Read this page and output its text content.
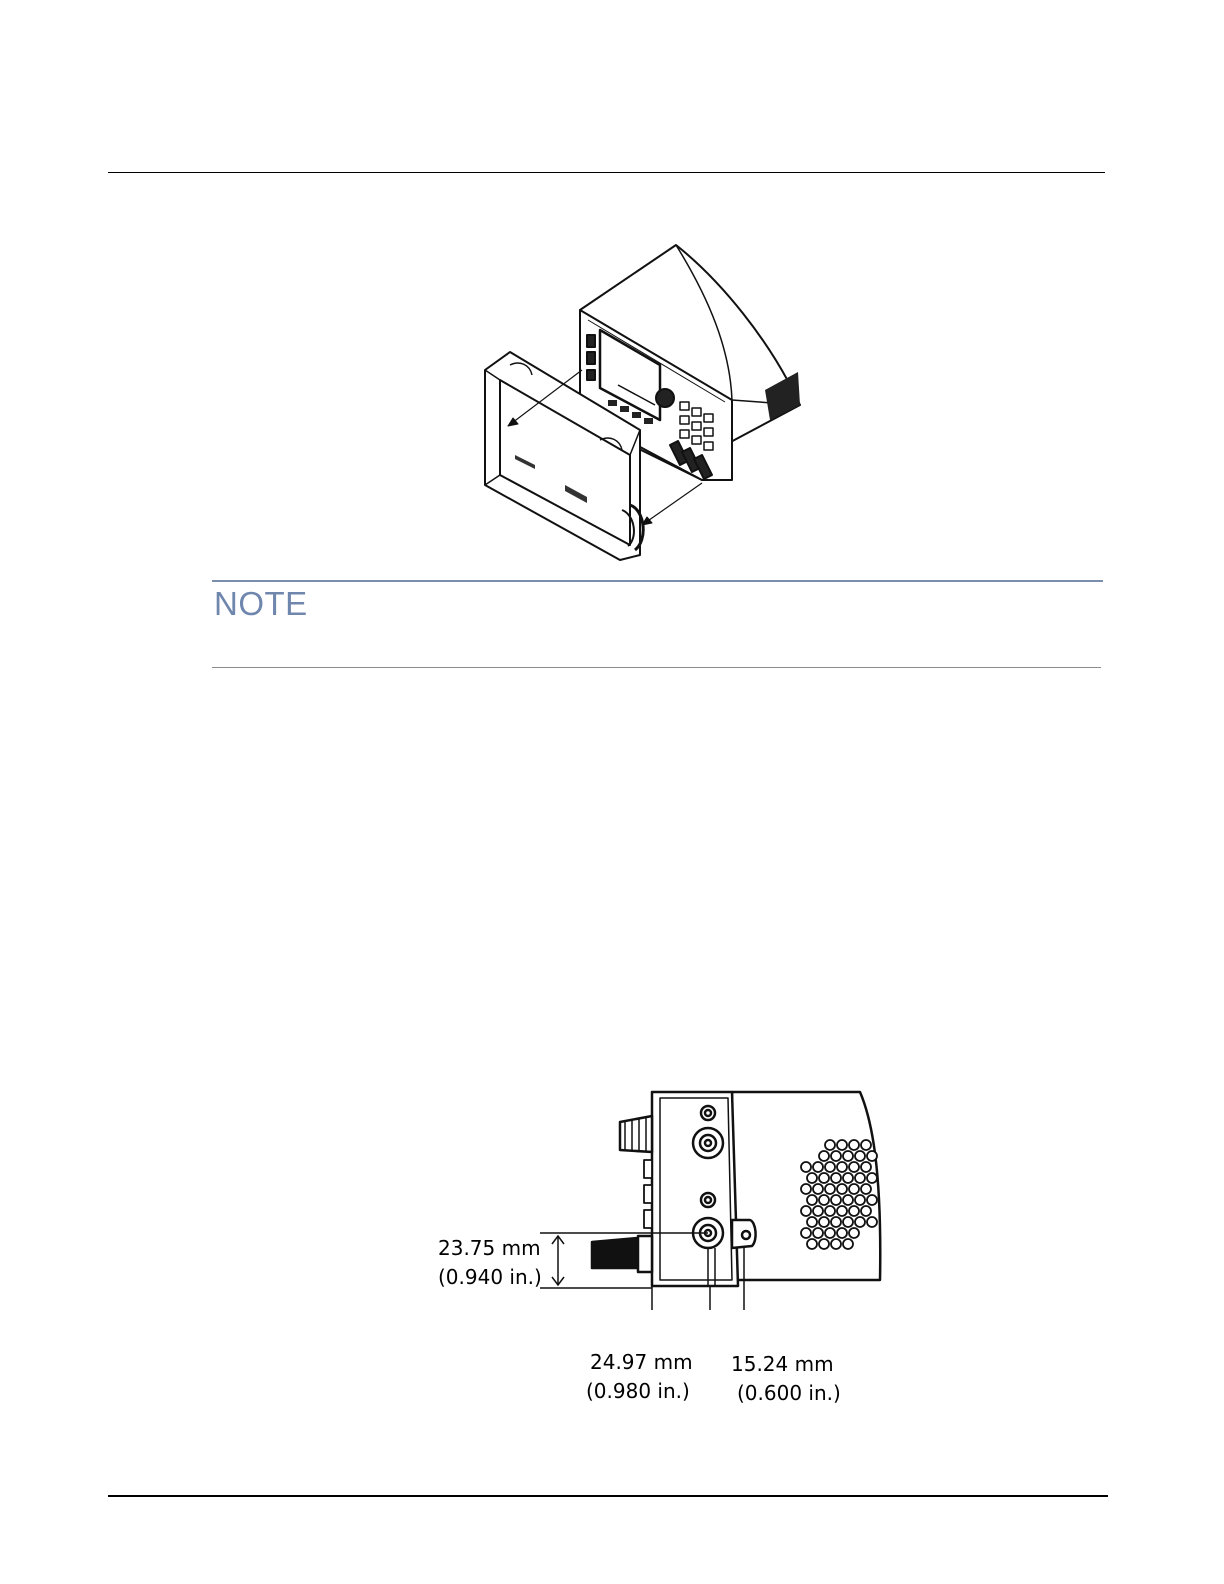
NOTE
23.75 mm
(0.940 in.)
24.97 mm
(0.980 in.)
15.24 mm
(0.600 in.)
